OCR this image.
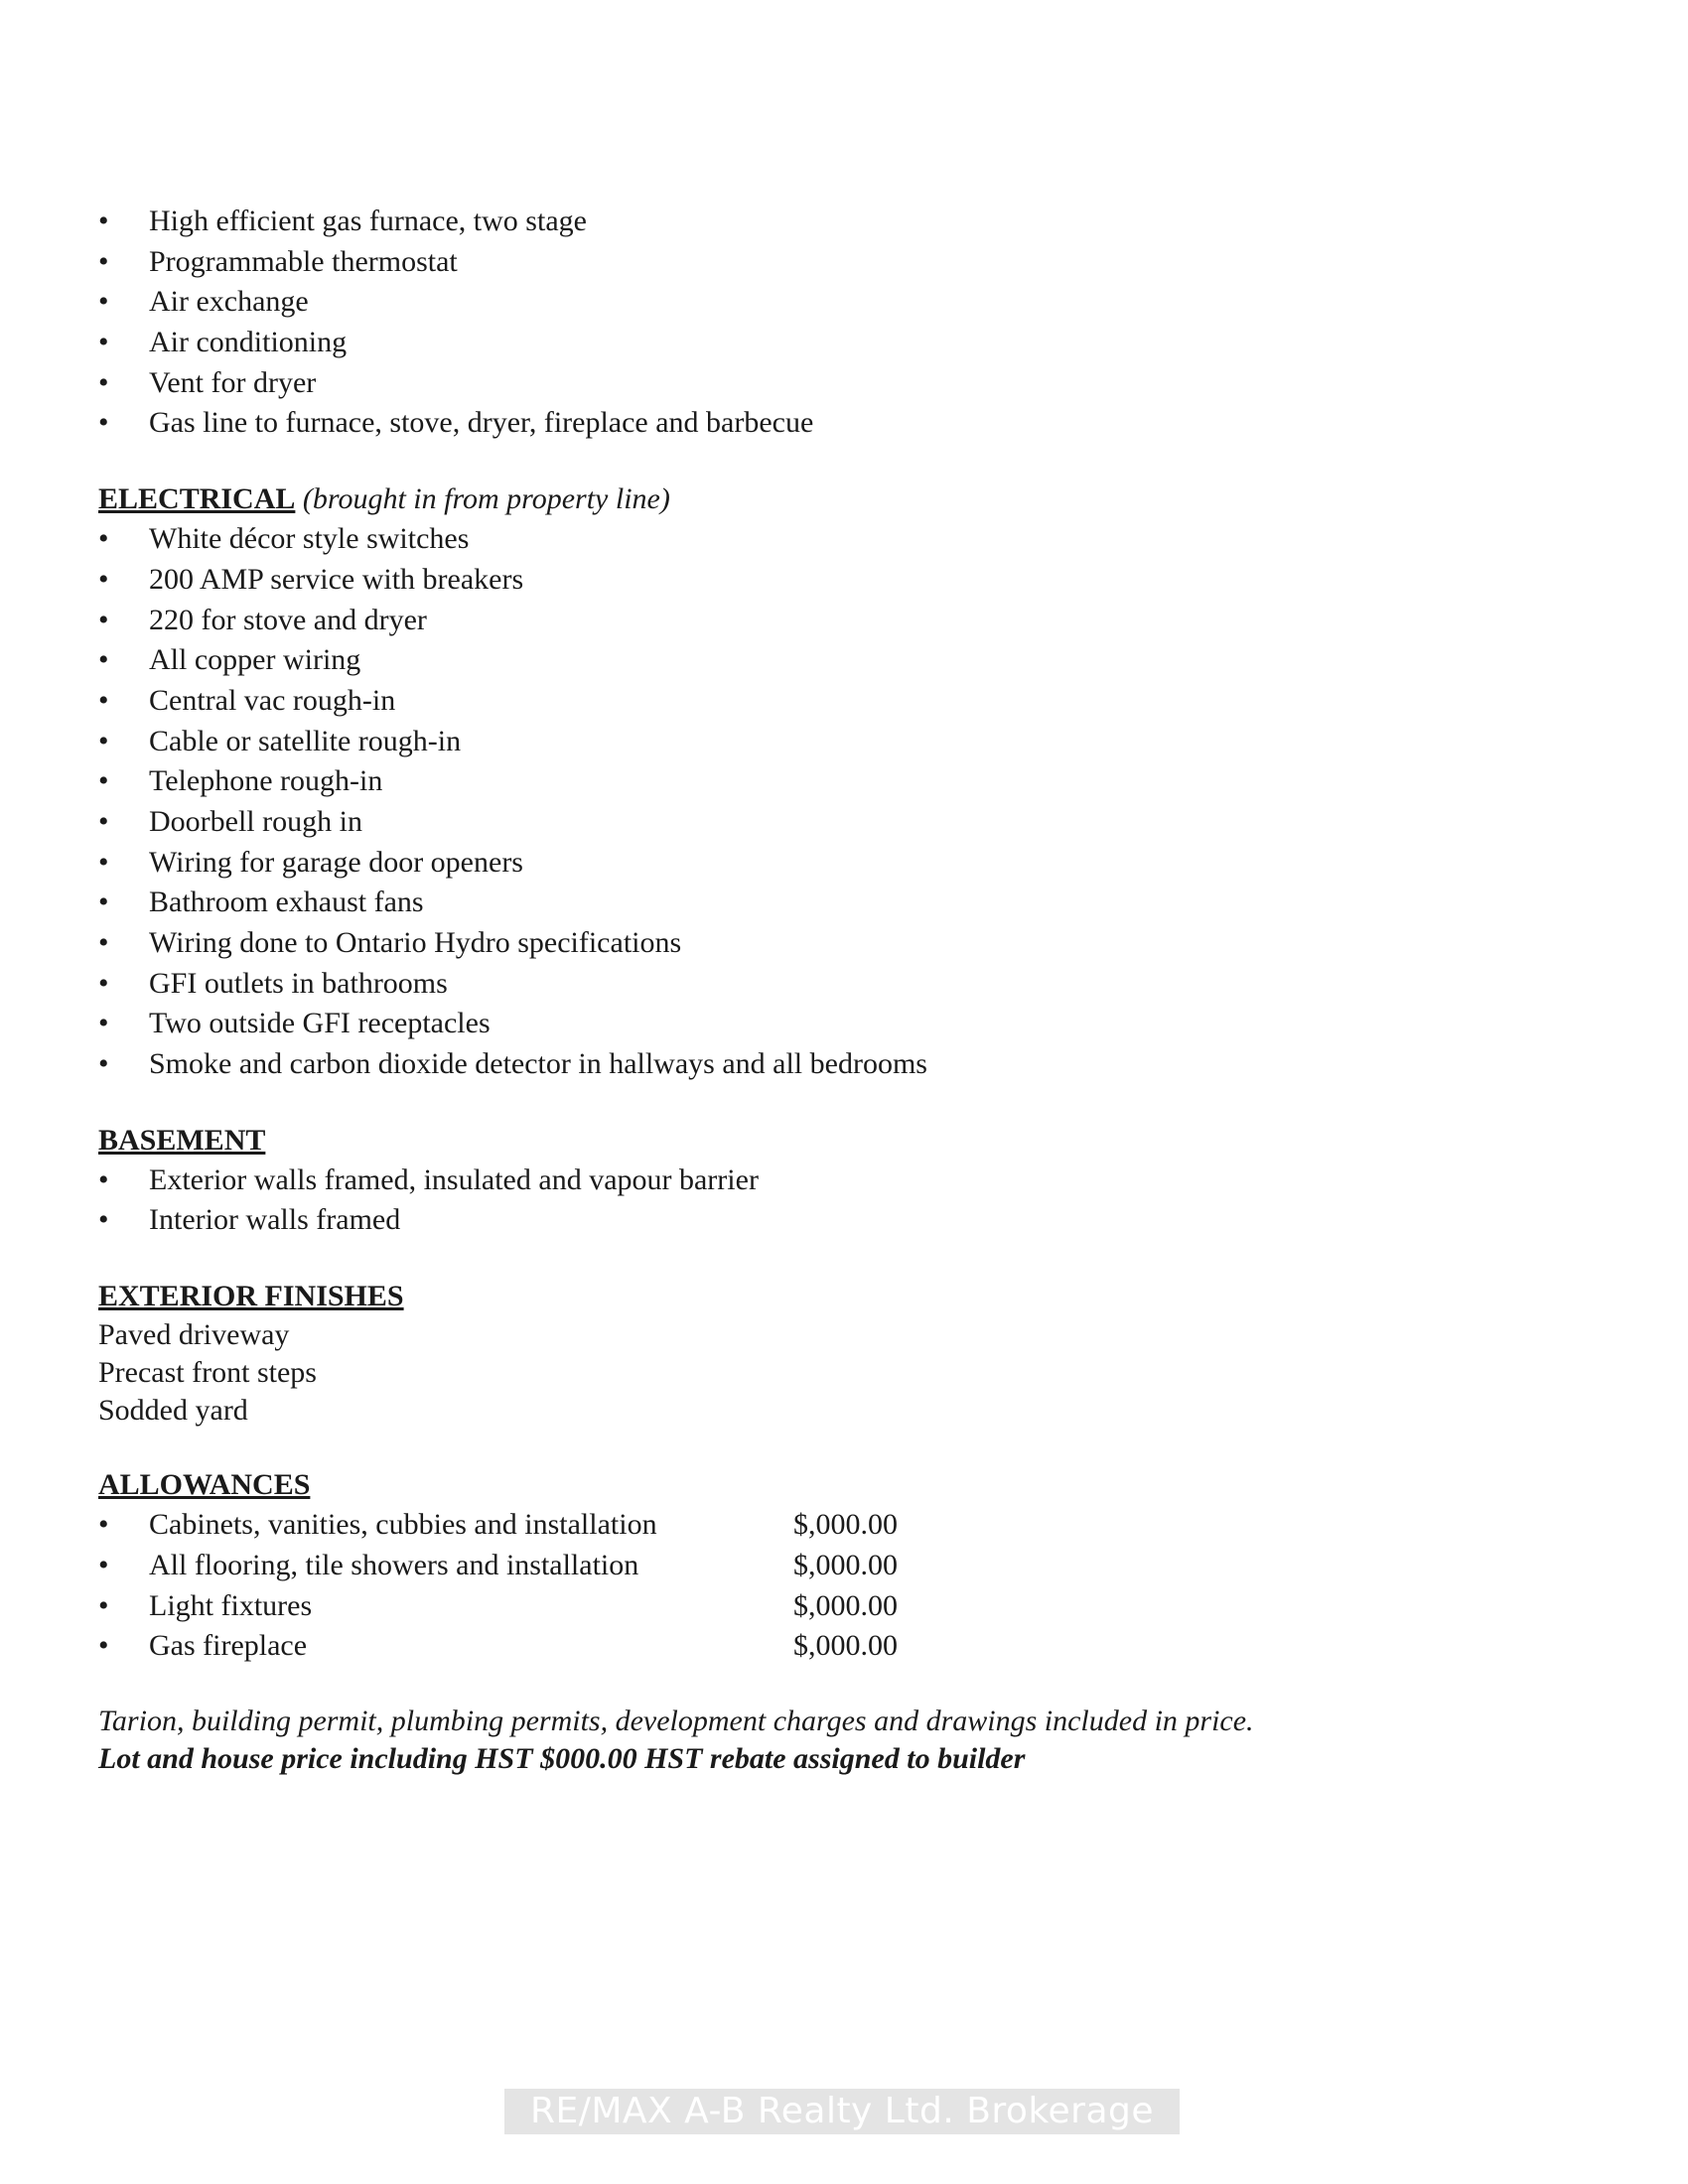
• High efficient gas furnace, two stage
• Programmable thermostat
• Air exchange
• Air conditioning
• Vent for dryer
• Gas line to furnace, stove, dryer, fireplace and barbecue
ELECTRICAL (brought in from property line)
• White décor style switches
• 200 AMP service with breakers
• 220 for stove and dryer
• All copper wiring
• Central vac rough-in
• Cable or satellite rough-in
• Telephone rough-in
• Doorbell rough in
• Wiring for garage door openers
• Bathroom exhaust fans
• Wiring done to Ontario Hydro specifications
• GFI outlets in bathrooms
• Two outside GFI receptacles
• Smoke and carbon dioxide detector in hallways and all bedrooms
BASEMENT
• Exterior walls framed, insulated and vapour barrier
• Interior walls framed
EXTERIOR FINISHES
Paved driveway
Precast front steps
Sodded yard
ALLOWANCES
• Cabinets, vanities, cubbies and installation	$,000.00
• All flooring, tile showers and installation	$,000.00
• Light fixtures	$,000.00
• Gas fireplace	$,000.00
Tarion, building permit, plumbing permits, development charges and drawings included in price.
Lot and house price including HST $000.00 HST rebate assigned to builder
RE/MAX A-B Realty Ltd. Brokerage
